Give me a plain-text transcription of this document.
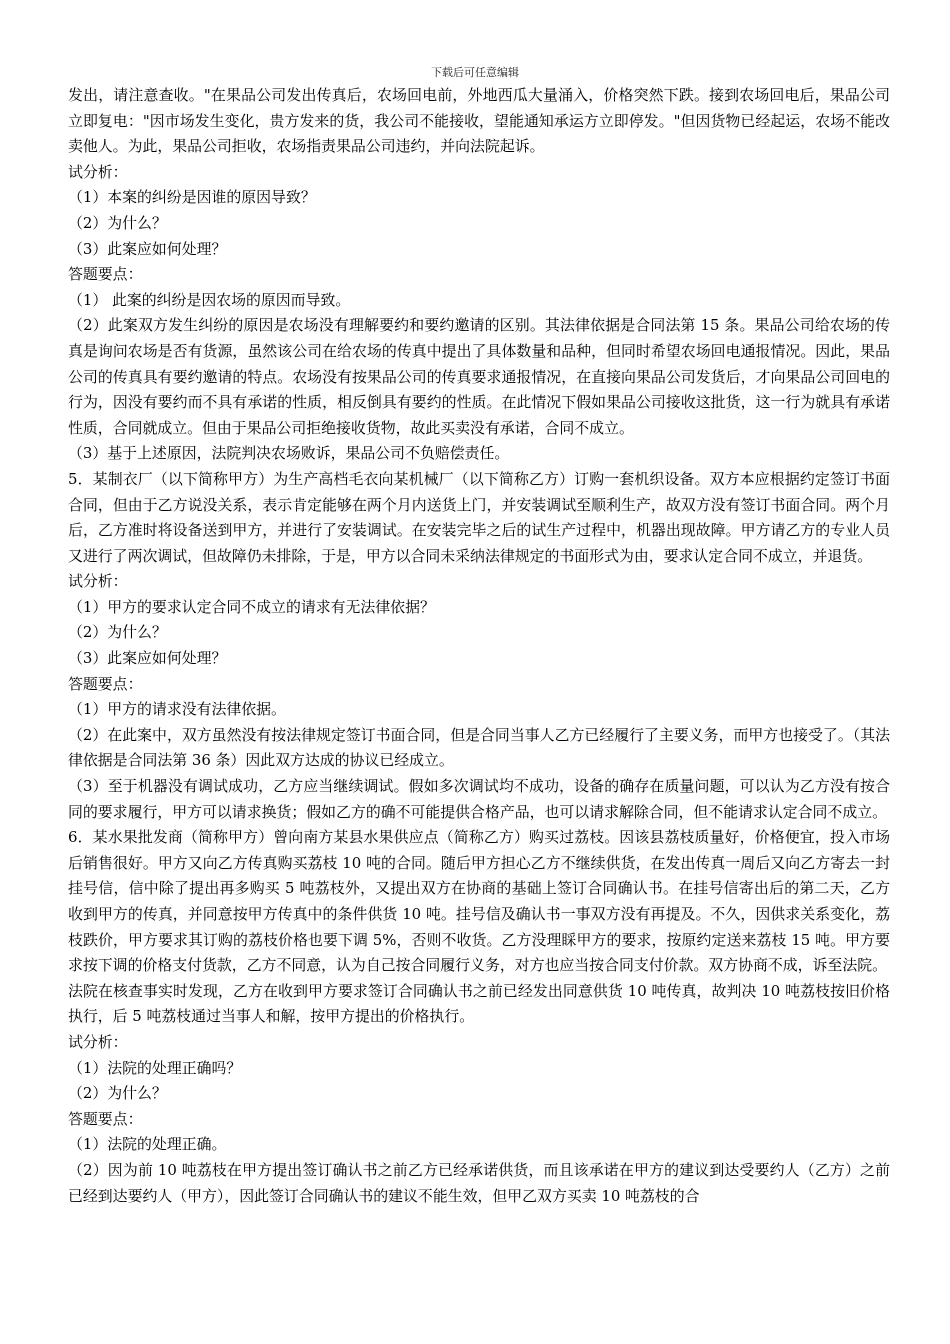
下载后可任意编辑

发出，请注意查收。"在果品公司发出传真后，农场回电前，外地西瓜大量涌入，价格突然下跌。接到农场回电后，果品公司立即复电："因市场发生变化，贵方发来的货，我公司不能接收，望能通知承运方立即停发。"但因货物已经起运，农场不能改卖他人。为此，果品公司拒收，农场指责果品公司违约，并向法院起诉。

试分析：

（1）本案的纠纷是因谁的原因导致？

（2）为什么？

（3）此案应如何处理？

答题要点：

（1） 此案的纠纷是因农场的原因而导致。

（2）此案双方发生纠纷的原因是农场没有理解要约和要约邀请的区别。其法律依据是合同法第 15 条。果品公司给农场的传真是询问农场是否有货源，虽然该公司在给农场的传真中提出了具体数量和品种，但同时希望农场回电通报情况。因此，果品公司的传真具有要约邀请的特点。农场没有按果品公司的传真要求通报情况，在直接向果品公司发货后，才向果品公司回电的行为，因没有要约而不具有承诺的性质，相反倒具有要约的性质。在此情况下假如果品公司接收这批货，这一行为就具有承诺性质，合同就成立。但由于果品公司拒绝接收货物，故此买卖没有承诺，合同不成立。

（3）基于上述原因，法院判决农场败诉，果品公司不负赔偿责任。

5．某制衣厂（以下简称甲方）为生产高档毛衣向某机械厂（以下简称乙方）订购一套机织设备。双方本应根据约定签订书面合同，但由于乙方说没关系，表示肯定能够在两个月内送货上门，并安装调试至顺利生产，故双方没有签订书面合同。两个月后，乙方准时将设备送到甲方，并进行了安装调试。在安装完毕之后的试生产过程中，机器出现故障。甲方请乙方的专业人员又进行了两次调试，但故障仍未排除，于是，甲方以合同未采纳法律规定的书面形式为由，要求认定合同不成立，并退货。

试分析：

（1）甲方的要求认定合同不成立的请求有无法律依据？

（2）为什么？

（3）此案应如何处理？

答题要点：

（1）甲方的请求没有法律依据。

（2）在此案中，双方虽然没有按法律规定签订书面合同，但是合同当事人乙方已经履行了主要义务，而甲方也接受了。（其法律依据是合同法第 36 条）因此双方达成的协议已经成立。

（3）至于机器没有调试成功，乙方应当继续调试。假如多次调试均不成功，设备的确存在质量问题，可以认为乙方没有按合同的要求履行，甲方可以请求换货；假如乙方的确不可能提供合格产品，也可以请求解除合同，但不能请求认定合同不成立。

6．某水果批发商（简称甲方）曾向南方某县水果供应点（简称乙方）购买过荔枝。因该县荔枝质量好，价格便宜，投入市场后销售很好。甲方又向乙方传真购买荔枝 10 吨的合同。随后甲方担心乙方不继续供货，在发出传真一周后又向乙方寄去一封挂号信，信中除了提出再多购买 5 吨荔枝外，又提出双方在协商的基础上签订合同确认书。在挂号信寄出后的第二天，乙方收到甲方的传真，并同意按甲方传真中的条件供货 10 吨。挂号信及确认书一事双方没有再提及。不久，因供求关系变化，荔枝跌价，甲方要求其订购的荔枝价格也要下调 5%，否则不收货。乙方没理睬甲方的要求，按原约定送来荔枝 15 吨。甲方要求按下调的价格支付货款，乙方不同意，认为自己按合同履行义务，对方也应当按合同支付价款。双方协商不成，诉至法院。

法院在核查事实时发现，乙方在收到甲方要求签订合同确认书之前已经发出同意供货 10 吨传真，故判决 10 吨荔枝按旧价格执行，后 5 吨荔枝通过当事人和解，按甲方提出的价格执行。

试分析：

（1）法院的处理正确吗？

（2）为什么？

答题要点：

（1）法院的处理正确。

（2）因为前 10 吨荔枝在甲方提出签订确认书之前乙方已经承诺供货，而且该承诺在甲方的建议到达受要约人（乙方）之前已经到达要约人（甲方），因此签订合同确认书的建议不能生效，但甲乙双方买卖 10 吨荔枝的合
